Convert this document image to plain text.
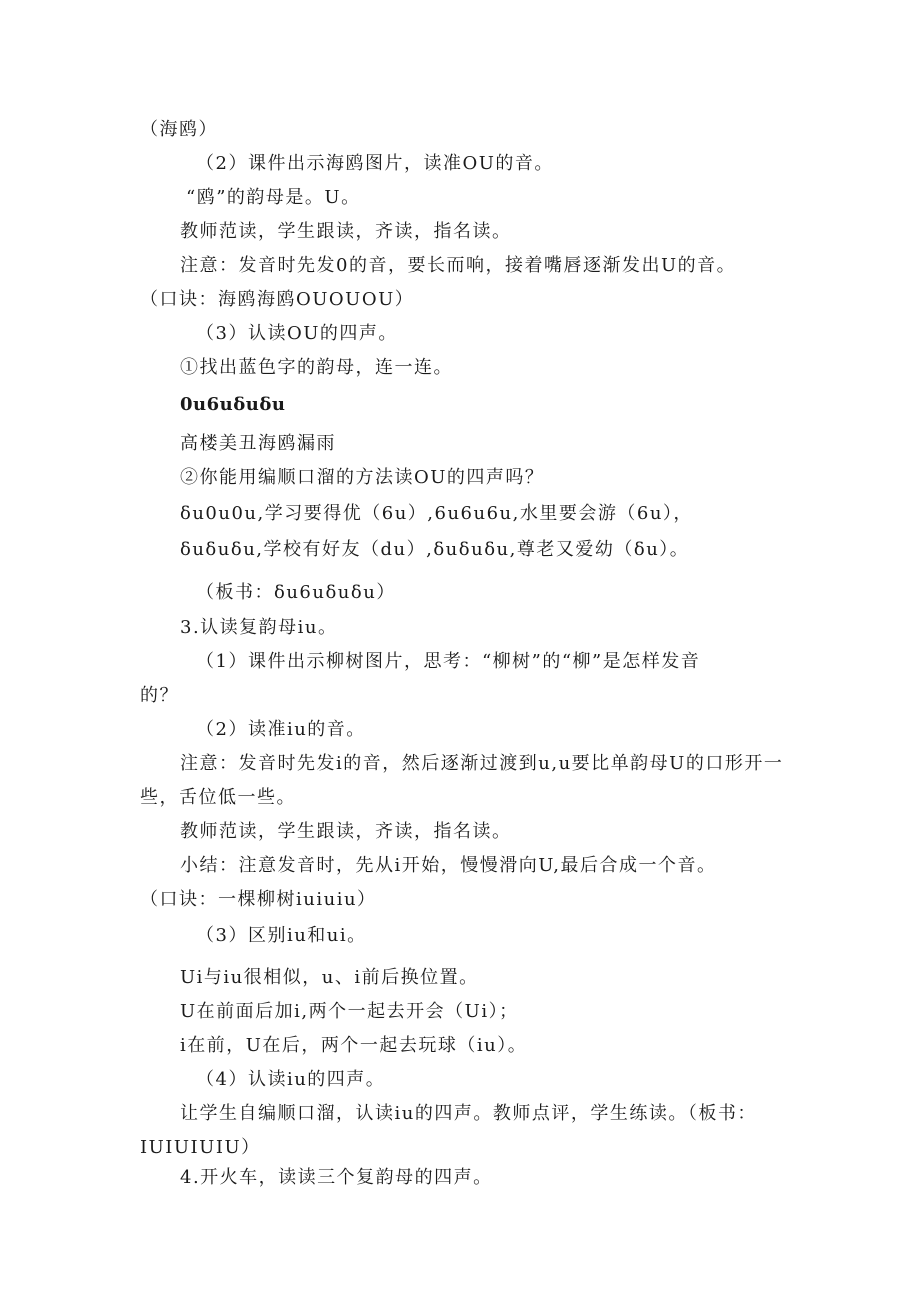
（海鸥）
（2）课件出示海鸥图片，读准OU的音。
“鸥”的韵母是。U。
教师范读，学生跟读，齐读，指名读。
注意：发音时先发0的音，要长而响，接着嘴唇逐渐发出U的音。
（口诀：海鸥海鸥OUOUOU）
（3）认读OU的四声。
①找出蓝色字的韵母，连一连。
0u6uδuδu
高楼美丑海鸥漏雨
②你能用编顺口溜的方法读OU的四声吗？
δu0u0u,学习要得优（6u）,6u6u6u,水里要会游（6u），
δuδuδu,学校有好友（du）,δuδuδu,尊老又爱幼（δu）。
（板书：δu6uδuδu）
3.认读复韵母iu。
（1）课件出示柳树图片，思考：“柳树”的“柳”是怎样发音
的？
（2）读准iu的音。
注意：发音时先发i的音，然后逐渐过渡到u,u要比单韵母U的口形开一
些，舌位低一些。
教师范读，学生跟读，齐读，指名读。
小结：注意发音时，先从i开始，慢慢滑向U,最后合成一个音。
（口诀：一棵柳树iuiuiu）
（3）区别iu和ui。
Ui与iu很相似，u、i前后换位置。
U在前面后加i,两个一起去开会（Ui）；
i在前，U在后，两个一起去玩球（iu）。
（4）认读iu的四声。
让学生自编顺口溜，认读iu的四声。教师点评，学生练读。（板书：
IUIUIUIU）
4.开火车，读读三个复韵母的四声。
